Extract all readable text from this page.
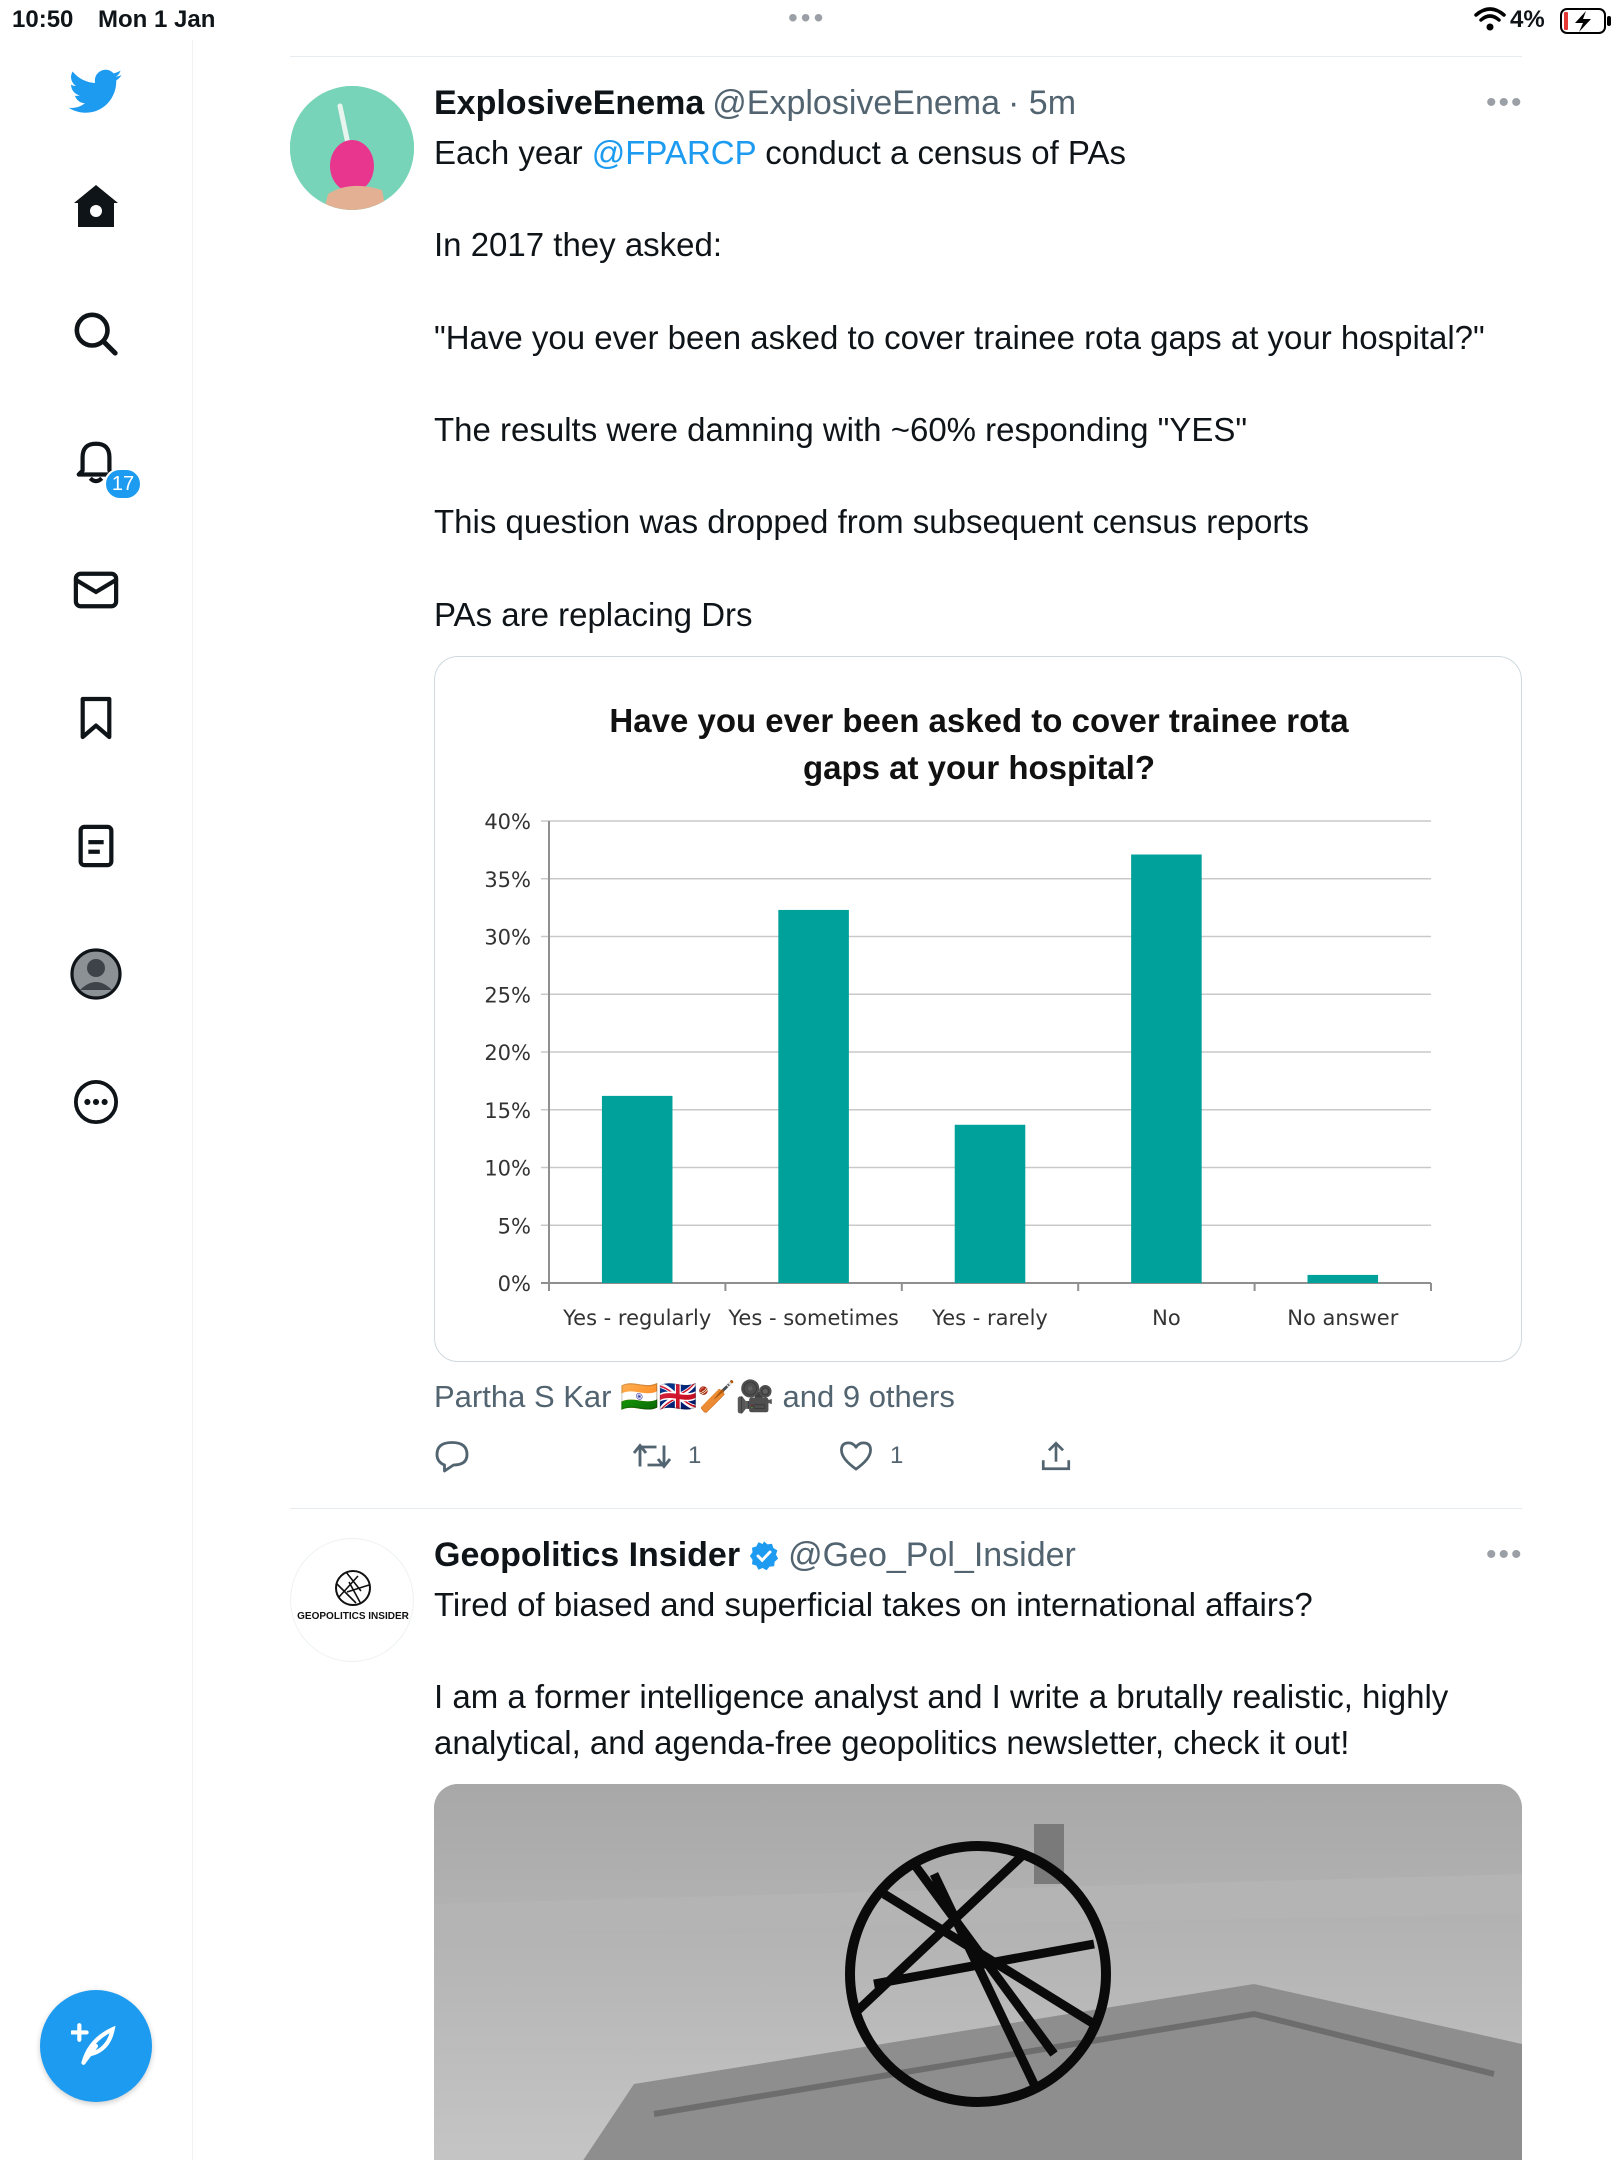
10:50 Mon 1 Jan	•••	4%
17
ExplosiveEnema @ExplosiveEnema · 5m	•••
Each year @FPARCP conduct a census of PAs
In 2017 they asked:
"Have you ever been asked to cover trainee rota gaps at your hospital?"
The results were damning with ~60% responding "YES"
This question was dropped from subsequent census reports
PAs are replacing Drs
Have you ever been asked to cover trainee rota
gaps at your hospital?
0%
5%
10%
15%
20%
25%
30%
35%
40%
Yes - regularly Yes - sometimes Yes - rarely	No	No answer
Partha S Kar 🇮🇳🇬🇧🏏🎥 and 9 others
1	1
GEOPOLITICS INSIDER
Geopolitics Insider @Geo_Pol_Insider	•••
Tired of biased and superficial takes on international affairs?
I am a former intelligence analyst and I write a brutally realistic, highly
analytical, and agenda-free geopolitics newsletter, check it out!
